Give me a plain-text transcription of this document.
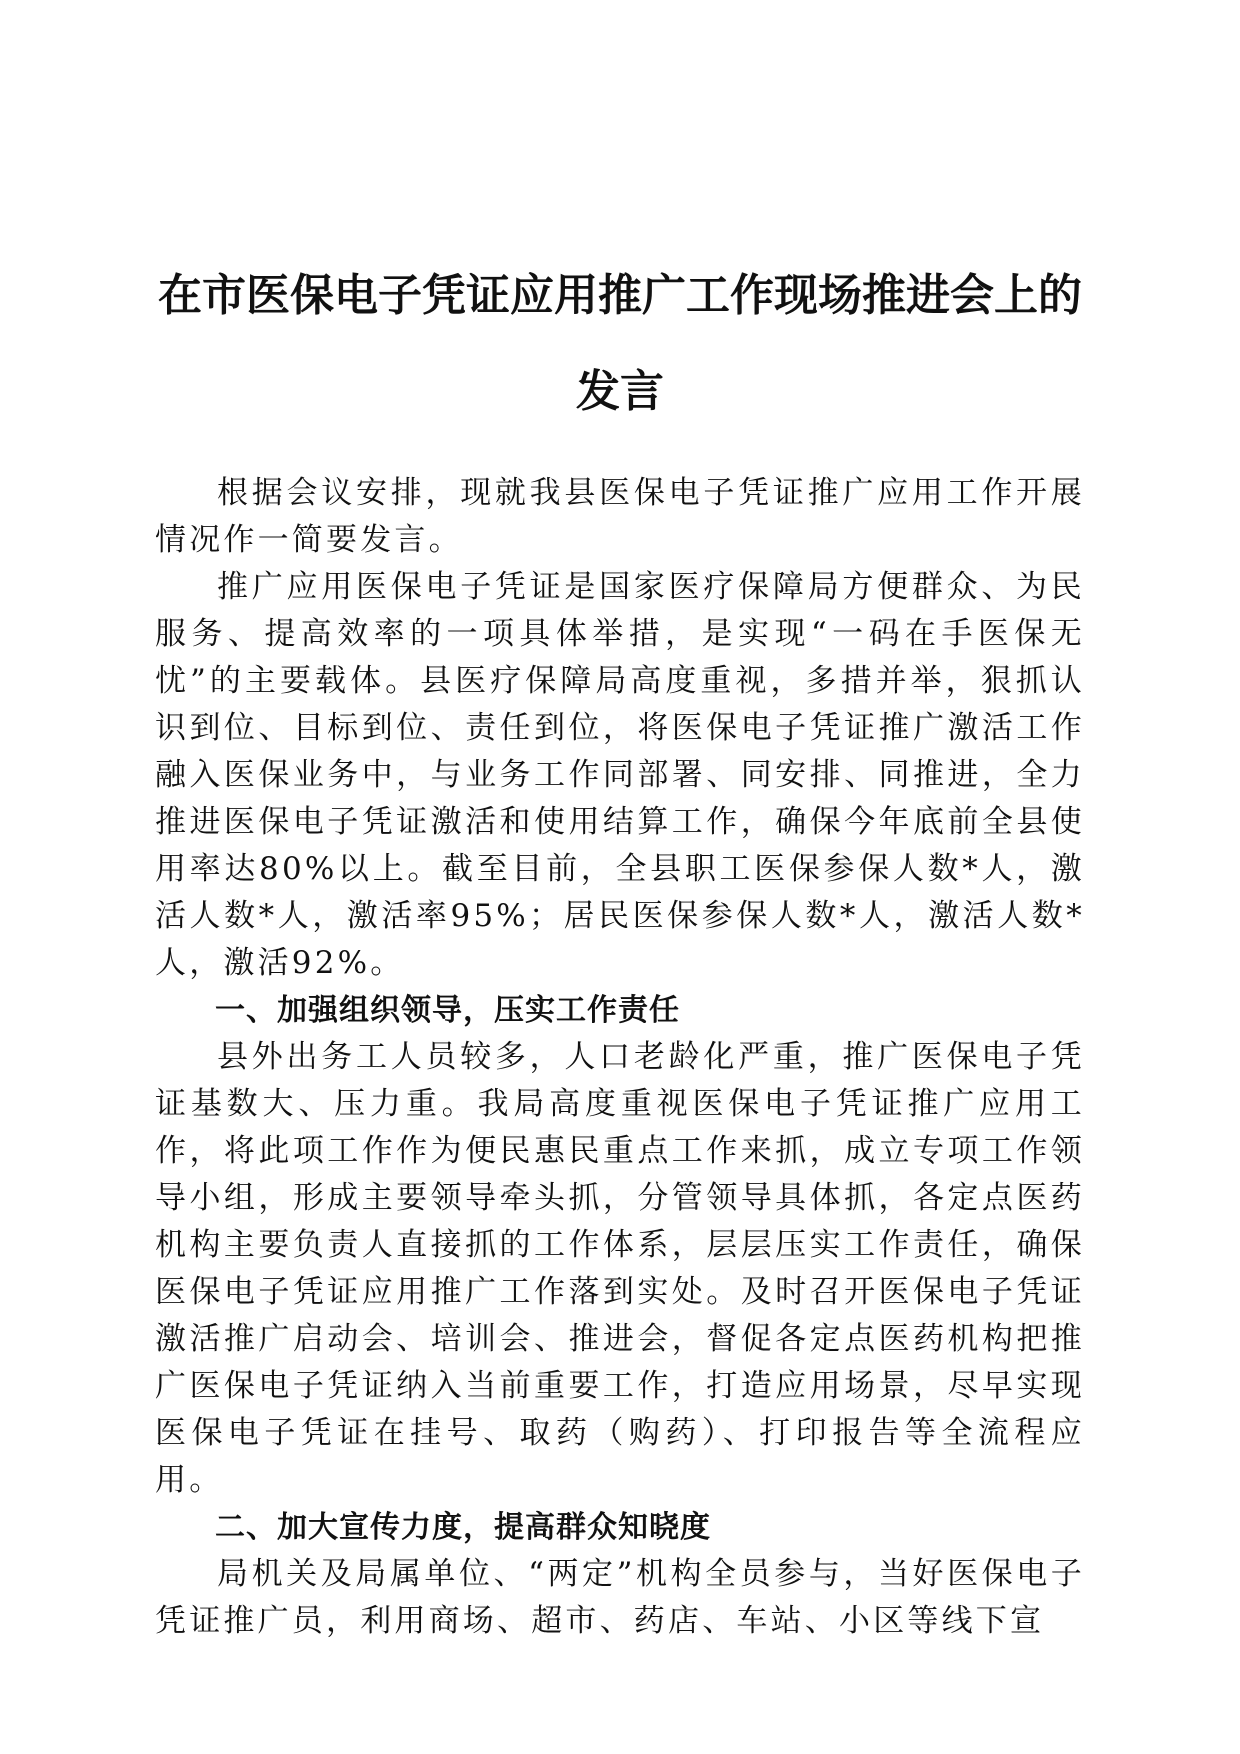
在市医保电子凭证应用推广工作现场推进会上的发言

根据会议安排，现就我县医保电子凭证推广应用工作开展情况作一简要发言。

推广应用医保电子凭证是国家医疗保障局方便群众、为民服务、提高效率的一项具体举措，是实现“一码在手医保无忧”的主要载体。县医疗保障局高度重视，多措并举，狠抓认识到位、目标到位、责任到位，将医保电子凭证推广激活工作融入医保业务中，与业务工作同部署、同安排、同推进，全力推进医保电子凭证激活和使用结算工作，确保今年底前全县使用率达80%以上。截至目前，全县职工医保参保人数*人，激活人数*人，激活率95%；居民医保参保人数*人，激活人数*人，激活92%。

一、加强组织领导，压实工作责任

县外出务工人员较多，人口老龄化严重，推广医保电子凭证基数大、压力重。我局高度重视医保电子凭证推广应用工作，将此项工作作为便民惠民重点工作来抓，成立专项工作领导小组，形成主要领导牵头抓，分管领导具体抓，各定点医药机构主要负责人直接抓的工作体系，层层压实工作责任，确保医保电子凭证应用推广工作落到实处。及时召开医保电子凭证激活推广启动会、培训会、推进会，督促各定点医药机构把推广医保电子凭证纳入当前重要工作，打造应用场景，尽早实现医保电子凭证在挂号、取药（购药）、打印报告等全流程应用。

二、加大宣传力度，提高群众知晓度

局机关及局属单位、“两定”机构全员参与，当好医保电子凭证推广员，利用商场、超市、药店、车站、小区等线下宣
